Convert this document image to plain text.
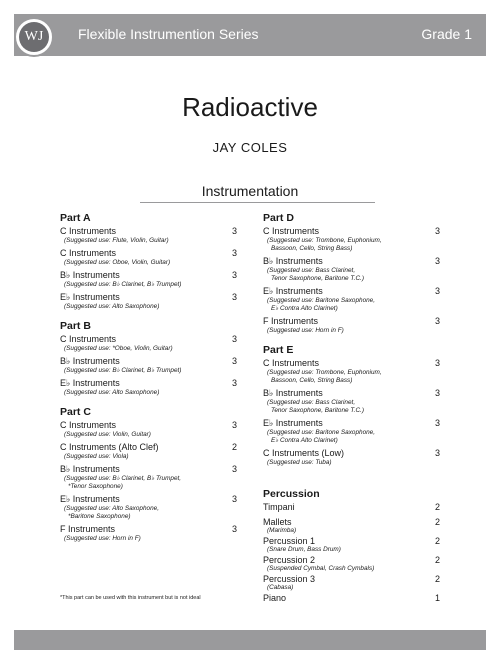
Flexible Instrumention Series	Grade 1
WJ
Radioactive
JAY COLES
Instrumentation
Part A
C Instruments	3
(Suggested use: Flute, Violin, Guitar)
C Instruments	3
(Suggested use: Oboe, Violin, Guitar)
B♭ Instruments	3
(Suggested use: B♭ Clarinet, B♭ Trumpet)
E♭ Instruments	3
(Suggested use: Alto Saxophone)
Part B
C Instruments	3
(Suggested use: *Oboe, Violin, Guitar)
B♭ Instruments	3
(Suggested use: B♭ Clarinet, B♭ Trumpet)
E♭ Instruments	3
(Suggested use: Alto Saxophone)
Part C
C Instruments	3
(Suggested use: Violin, Guitar)
C Instruments (Alto Clef)	2
(Suggested use: Viola)
B♭ Instruments	3
(Suggested use: B♭ Clarinet, B♭ Trumpet,
*Tenor Saxophone)
E♭ Instruments	3
(Suggested use: Alto Saxophone,
*Baritone Saxophone)
F Instruments	3
(Suggested use: Horn in F)
Part D
C Instruments	3
(Suggested use: Trombone, Euphonium,
Bassoon, Cello, String Bass)
B♭ Instruments	3
(Suggested use: Bass Clarinet,
Tenor Saxophone, Baritone T.C.)
E♭ Instruments	3
(Suggested use: Baritone Saxophone,
E♭ Contra Alto Clarinet)
F Instruments	3
(Suggested use: Horn in F)
Part E
C Instruments	3
(Suggested use: Trombone, Euphonium,
Bassoon, Cello, String Bass)
B♭ Instruments	3
(Suggested use: Bass Clarinet,
Tenor Saxophone, Baritone T.C.)
E♭ Instruments	3
(Suggested use: Baritone Saxophone,
E♭ Contra Alto Clarinet)
C Instruments (Low)	3
(Suggested use: Tuba)
Percussion
Timpani	2
Mallets	2
(Marimba)
Percussion 1	2
(Snare Drum, Bass Drum)
Percussion 2	2
(Suspended Cymbal, Crash Cymbals)
Percussion 3	2
(Cabasa)
Piano	1
*This part can be used with this instrument but is not ideal
